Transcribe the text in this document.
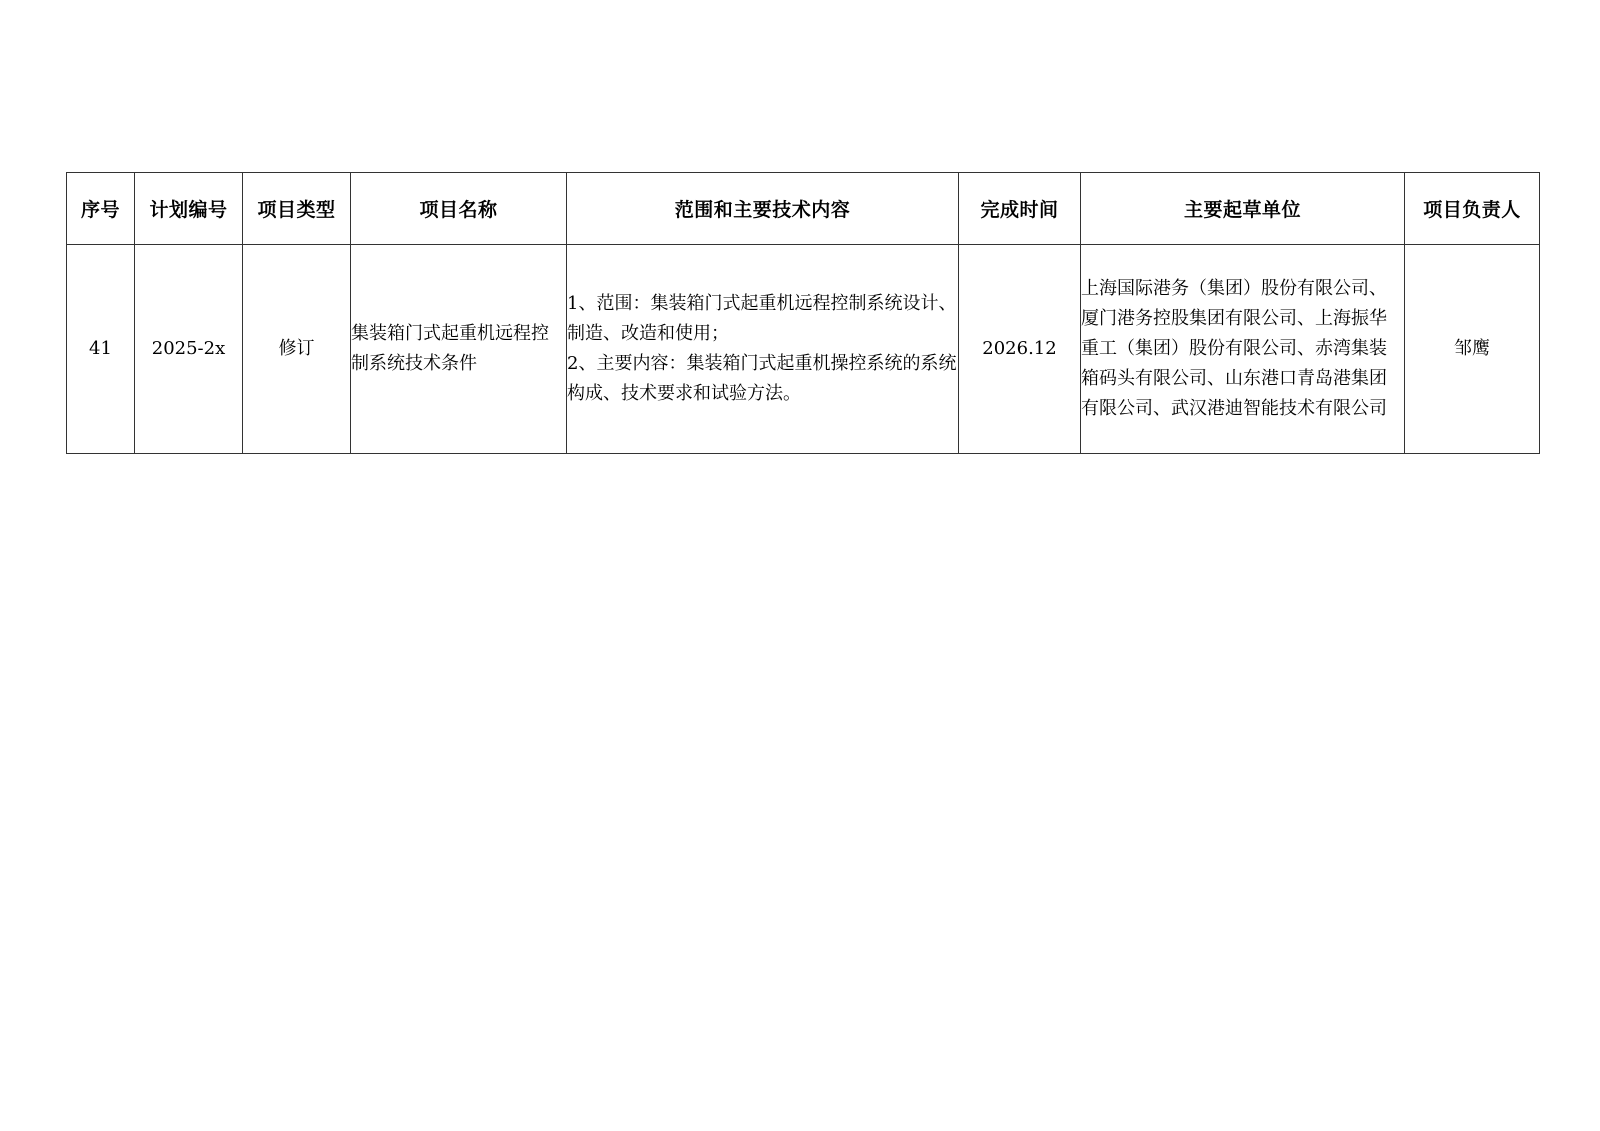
序号	计划编号	项目类型	项目名称	范围和主要技术内容	完成时间	主要起草单位	项目负责人
41	2025-2x	修订	集装箱门式起重机远程控制系统技术条件	1、范围：集装箱门式起重机远程控制系统设计、制造、改造和使用；
2、主要内容：集装箱门式起重机操控系统的系统构成、技术要求和试验方法。	2026.12	上海国际港务（集团）股份有限公司、厦门港务控股集团有限公司、上海振华重工（集团）股份有限公司、赤湾集装箱码头有限公司、山东港口青岛港集团有限公司、武汉港迪智能技术有限公司	邹鹰
